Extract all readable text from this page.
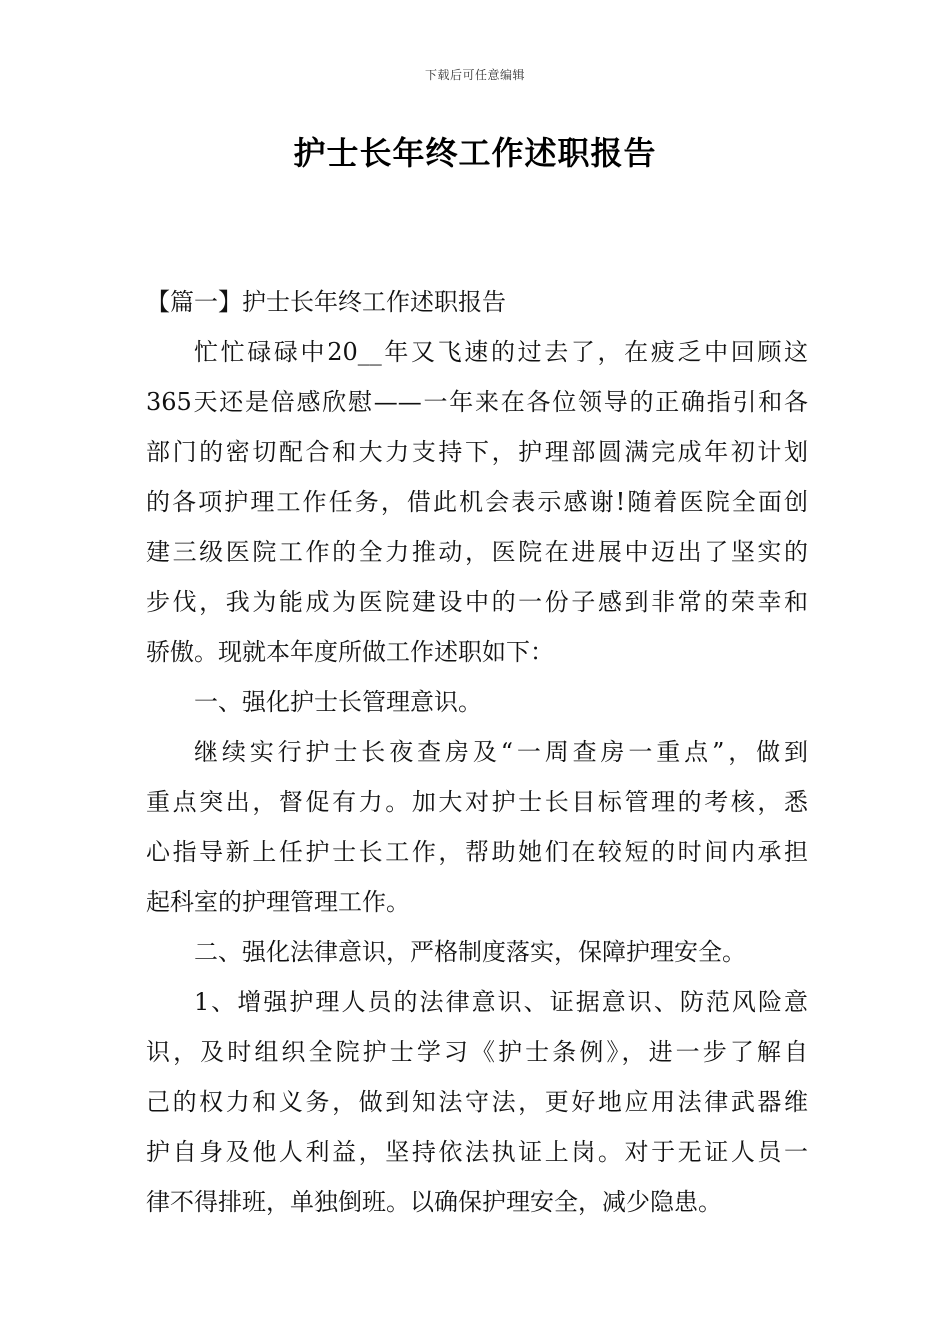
下载后可任意编辑
护士长年终工作述职报告
【篇一】护士长年终工作述职报告
忙忙碌碌中20__年又飞速的过去了，在疲乏中回顾这
365天还是倍感欣慰——一年来在各位领导的正确指引和各
部门的密切配合和大力支持下，护理部圆满完成年初计划
的各项护理工作任务，借此机会表示感谢!随着医院全面创
建三级医院工作的全力推动，医院在进展中迈出了坚实的
步伐，我为能成为医院建设中的一份子感到非常的荣幸和
骄傲。现就本年度所做工作述职如下：
一、强化护士长管理意识。
继续实行护士长夜查房及“一周查房一重点”，做到
重点突出，督促有力。加大对护士长目标管理的考核，悉
心指导新上任护士长工作，帮助她们在较短的时间内承担
起科室的护理管理工作。
二、强化法律意识，严格制度落实，保障护理安全。
1、增强护理人员的法律意识、证据意识、防范风险意
识，及时组织全院护士学习《护士条例》，进一步了解自
己的权力和义务，做到知法守法，更好地应用法律武器维
护自身及他人利益，坚持依法执证上岗。对于无证人员一
律不得排班，单独倒班。以确保护理安全，减少隐患。
